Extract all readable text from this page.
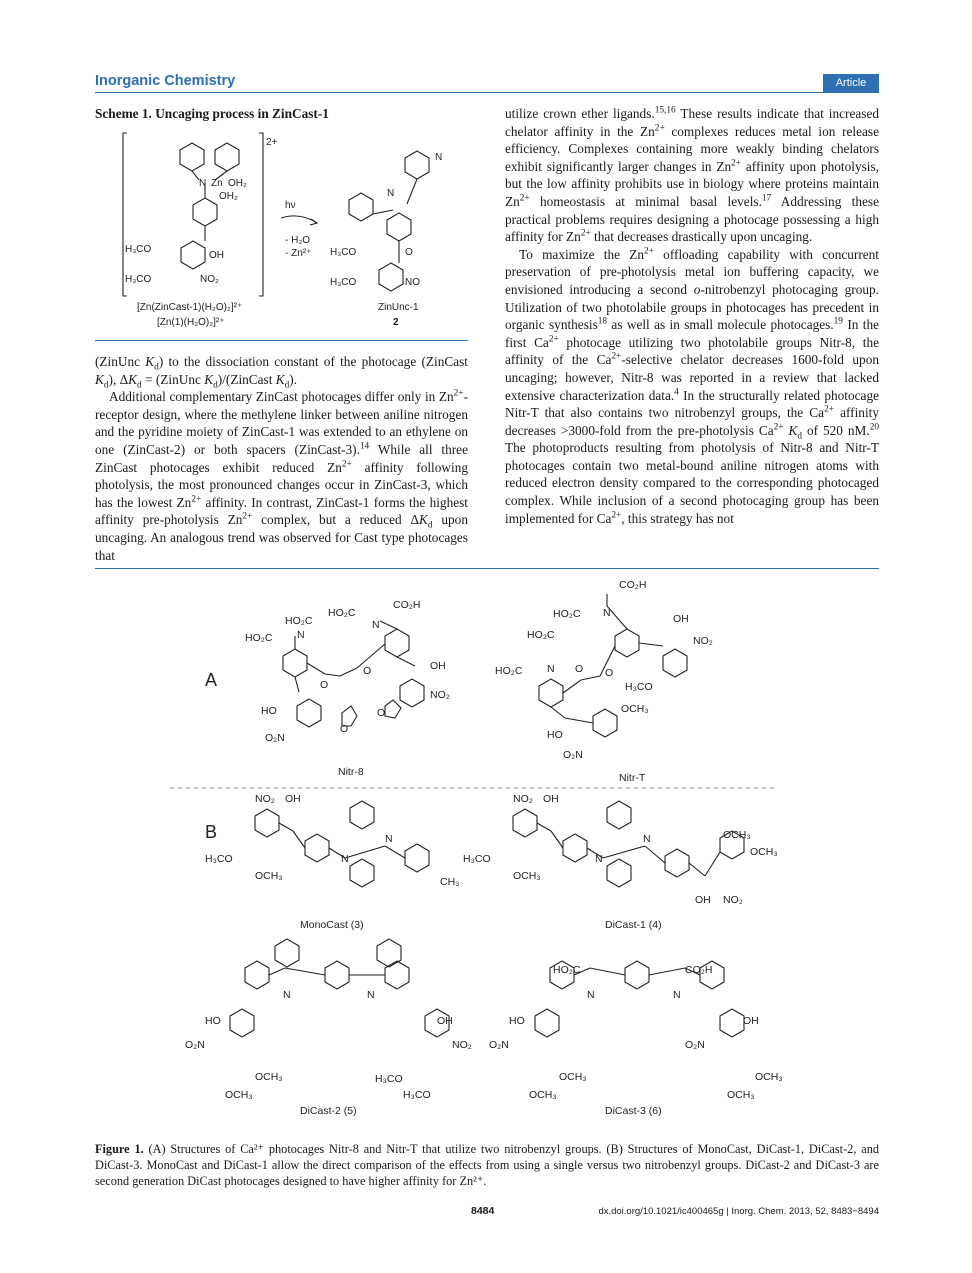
Inorganic Chemistry	Article
Scheme 1. Uncaging process in ZinCast-1
2+
N Zn OH₂
OH₂
OH
H₃CO
H₃CO	NO₂
hν
- H₂O
- Zn²⁺
N
N
O
H₃CO
H₃CO	NO
[Zn(ZinCast-1)(H₂O)₂]²⁺
[Zn(1)(H₂O)₂]²⁺
ZinUnc-1
2

(ZinUnc $K_d$) to the dissociation constant of the photocage (ZinCast $K_d$), $\Delta K_d$ = (ZinUnc $K_d)/(ZinCast$ $K_d$).

Additional complementary ZinCast photocages differ only in $Zn^{2+}$-receptor design, where the methylene linker between aniline nitrogen and the pyridine moiety of ZinCast-1 was extended to an ethylene on one (ZinCast-2) or both spacers (ZinCast-3).$^{14}$ While all three ZinCast photocages exhibit reduced $Zn^{2+}$ affinity following photolysis, the most pronounced changes occur in ZinCast-3, which has the lowest $Zn^{2+}$ affinity. In contrast, ZinCast-1 forms the highest affinity pre-photolysis $Zn^{2+}$ complex, but a reduced $\Delta K_d$ upon uncaging. An analogous trend was observed for Cast type photocages that

utilize crown ether ligands.$^{15,16}$ These results indicate that increased chelator affinity in the $Zn^{2+}$ complexes reduces metal ion release efficiency. Complexes containing more weakly binding chelators exhibit significantly larger changes in $Zn^{2+}$ affinity upon photolysis, but the low affinity prohibits use in biology where proteins maintain $Zn^{2+}$ homeostasis at minimal basal levels.$^{17}$ Addressing these practical problems requires designing a photocage possessing a high affinity for $Zn^{2+}$ that decreases drastically upon uncaging.

To maximize the $Zn^{2+}$ offloading capability with concurrent preservation of pre-photolysis metal ion buffering capacity, we envisioned introducing a second o-nitrobenzyl photocaging group. Utilization of two photolabile groups in photocages has precedent in organic synthesis$^{18}$ as well as in small molecule photocages.$^{19}$ In the first $Ca^{2+}$ photocage utilizing two photolabile groups Nitr-8, the affinity of the $Ca^{2+}$-selective chelator decreases 1600-fold upon uncaging; however, Nitr-8 was reported in a review that lacked extensive characterization data.$^4$ In the structurally related photocage Nitr-T that also contains two nitrobenzyl groups, the $Ca^{2+}$ affinity decreases >3000-fold from the pre-photolysis $Ca^{2+}$ $K_d$ of 520 nM.$^{20}$ The photoproducts resulting from photolysis of Nitr-8 and Nitr-T photocages contain two metal-bound aniline nitrogen atoms with reduced electron density compared to the corresponding photocaged complex. While inclusion of a second photocaging group has been implemented for $Ca^{2+}$, this strategy has not

A
B
CO₂H
HO₂C
HO₂C
HO₂C N
N
O
O	OH
HO
NO₂
O₂N
O
O
Nitr-8
CO₂H
HO₂C
HO₂C
HO₂C
N
N O O
OH
NO₂
H₃CO
OCH₃
HO
O₂N
Nitr-T
NO₂ OH
H₃CO
OCH₃
N
N
CH₃
MonoCast (3)
NO₂ OH
H₃CO
OCH₃
N
N	OCH₃
OCH₃
OH NO₂
DiCast-1 (4)
N	N
HO	OH
O₂N	NO₂
OCH₃
OCH₃
H₃CO
H₃CO
DiCast-2 (5)
HO₂C	CO₂H
N	N
HO	OH
O₂N	O₂N
OCH₃
OCH₃
OCH₃
OCH₃
DiCast-3 (6)
Figure 1. (A) Structures of Ca²⁺ photocages Nitr-8 and Nitr-T that utilize two nitrobenzyl groups. (B) Structures of MonoCast, DiCast-1, DiCast-2, and DiCast-3. MonoCast and DiCast-1 allow the direct comparison of the effects from using a single versus two nitrobenzyl groups. DiCast-2 and DiCast-3 are second generation DiCast photocages designed to have higher affinity for Zn²⁺.
8484	dx.doi.org/10.1021/ic400465g | Inorg. Chem. 2013, 52, 8483−8494
